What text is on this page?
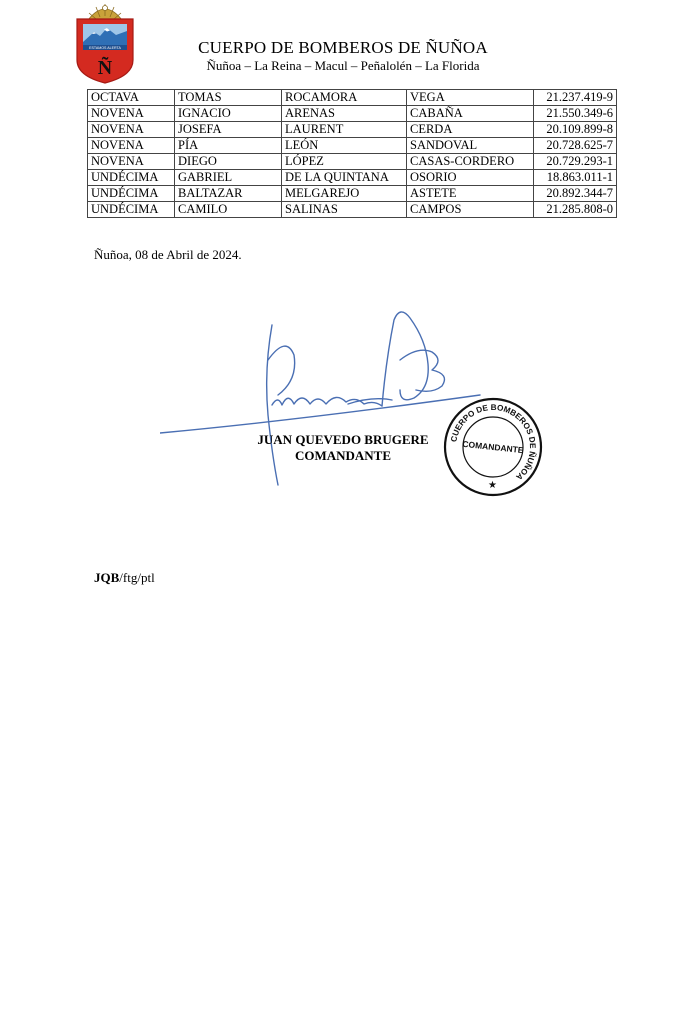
ESTAMOS ALERTA
Ñ
CUERPO DE BOMBEROS DE ÑUÑOA
Ñuñoa – La Reina – Macul – Peñalolén – La Florida
OCTAVA	TOMAS	ROCAMORA	VEGA	21.237.419-9
NOVENA	IGNACIO	ARENAS	CABAÑA	21.550.349-6
NOVENA	JOSEFA	LAURENT	CERDA	20.109.899-8
NOVENA	PÍA	LEÓN	SANDOVAL	20.728.625-7
NOVENA	DIEGO	LÓPEZ	CASAS-CORDERO	20.729.293-1
UNDÉCIMA	GABRIEL	DE LA QUINTANA	OSORIO	18.863.011-1
UNDÉCIMA	BALTAZAR	MELGAREJO	ASTETE	20.892.344-7
UNDÉCIMA	CAMILO	SALINAS	CAMPOS	21.285.808-0
Ñuñoa, 08 de Abril de 2024.
JUAN QUEVEDO BRUGERE
COMANDANTE
CUERPO DE BOMBEROS DE ÑUÑOA
COMANDANTE
★
JQB/ftg/ptl
